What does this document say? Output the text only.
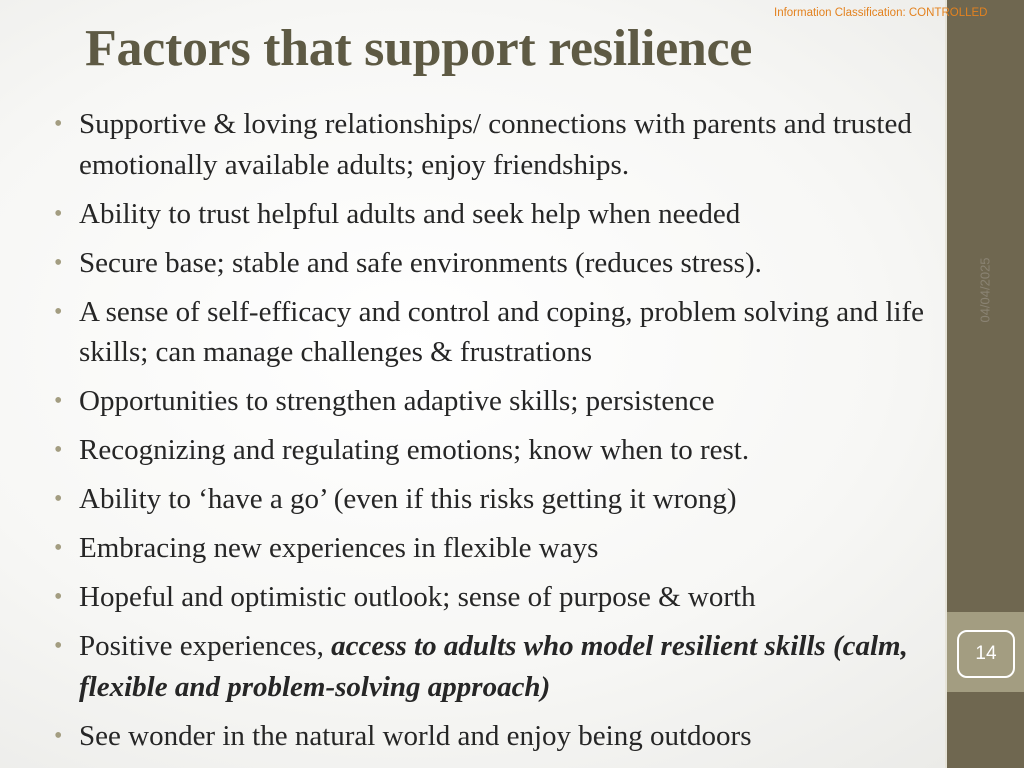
14
04/04/2025
Information Classification: CONTROLLED
Factors that support resilience
• Supportive & loving relationships/ connections with parents and trusted emotionally available adults; enjoy friendships.
• Ability to trust helpful adults and seek help when needed
• Secure base; stable and safe environments (reduces stress).
• A sense of self-efficacy and control and coping, problem solving and life skills; can manage challenges & frustrations
• Opportunities to strengthen adaptive skills; persistence
• Recognizing and regulating emotions; know when to rest.
• Ability to ‘have a go’ (even if this risks getting it wrong)
• Embracing new experiences in flexible ways
• Hopeful and optimistic outlook; sense of purpose & worth
• Positive experiences, access to adults who model resilient skills (calm, flexible and problem-solving approach)
• See wonder in the natural world and enjoy being outdoors
